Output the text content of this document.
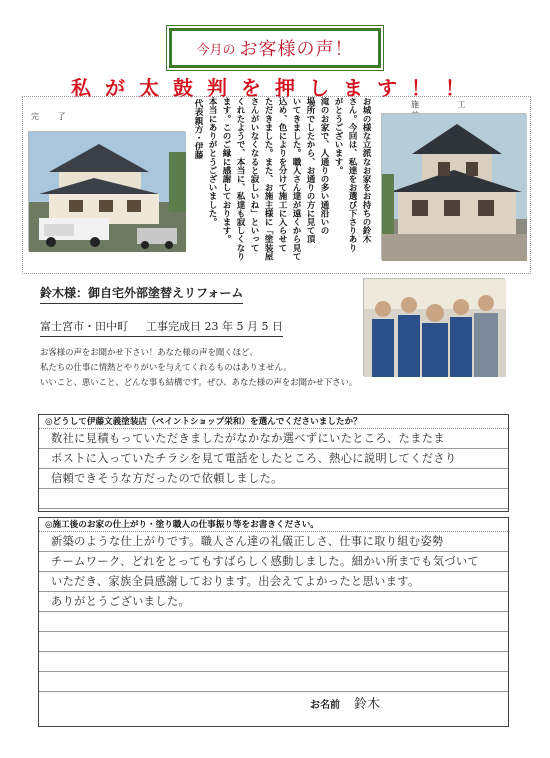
今月の お客様の声！
私が太鼓判を押します！！
完 了
施 工
お城の様な立派なお家をお持ちの鈴木
さん。今回は、私達をお選び下さりあり
がとうございます。
滝のお家で、人通りの多い通沿いの
場所でしたから、お通りの方に見て頂
いてきました。職人さん達が遠くから見て
込め、色によりを分けて施工に入らせて
ただきました。また、お施主様に「塗装屋
さんがいなくなると寂しいね」といって
くれたようで、本当に、私達も寂しくなり
ます。このご縁に感謝しております。
本当にありがとうございました。

代表親方・伊藤
鈴木様：御自宅外部塗替えリフォーム
富士宮市・田中町 工事完成日 23 年 5 月 5 日
お客様の声をお聞かせ下さい！あなた様の声を聞くほど、
私たちの仕事に情熱とやりがいを与えてくれるものはありません。
いいこと、悪いこと、どんな事も結構です。ぜひ、あなた様の声をお聞かせ下さい。
◎どうして伊藤文義塗装店（ペイントショップ栄和）を選んでくださいましたか？
数社に見積もっていただきましたがなかなか選べずにいたところ、たまたま
ポストに入っていたチラシを見て電話をしたところ、熱心に説明してくださり
信頼できそうな方だったので依頼しました。
◎施工後のお家の仕上がり・塗り職人の仕事振り等をお書きください。
新築のような仕上がりです。職人さん達の礼儀正しさ、仕事に取り組む姿勢
チームワーク、どれをとってもすばらしく感動しました。細かい所までも気づいて
いただき、家族全員感謝しております。出会えてよかったと思います。
ありがとうございました。
お名前 鈴木
